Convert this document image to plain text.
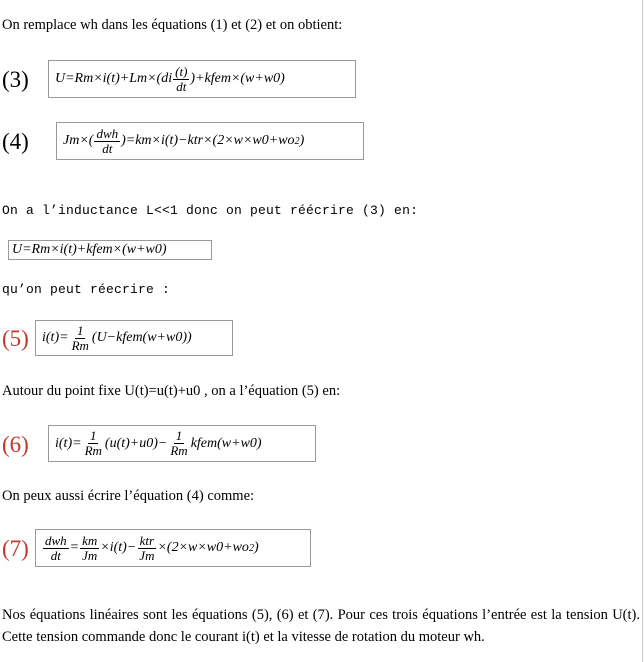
On remplace wh dans les équations (1) et (2) et on obtient:
(3) $U=Rm\times i(t)+Lm\times(di \frac{(t)}{dt}$ )+kfem×(w+w0)
(4) $Jm\times( \frac{\text{dwh}}{dt} )=km\times i(t)-ktr\times(2\times w\times w0+wo$ 2 )
On a l’inductance L<<1 donc on peut réécrire (3) en:
U=Rm×i(t)+kfem×(w+w0)
qu’on peut réecrire :
(5) $i(t)= \frac{1}{Rm}$ (U−kfem(w+w0))
Autour du point fixe U(t)=u(t)+u0 , on a l’équation (5) en:
(6) $i(t)= \frac{1}{Rm} (u(t)+u0)- \frac{1}{Rm}$ kfem(w+w0)
On peux aussi écrire l’équation (4) comme:
$(7) \frac{\text{dwh}}{dt} = \frac{km}{Jm} \times i(t)- \frac{\text{ktr}}{Jm} \times(2\times w\times w0+wo$ 2 )
Nos équations linéaires sont les équations (5), (6) et (7). Pour ces trois équations l’entrée est la tension U(t). Cette tension commande donc le courant i(t) et la vitesse de rotation du moteur wh.
